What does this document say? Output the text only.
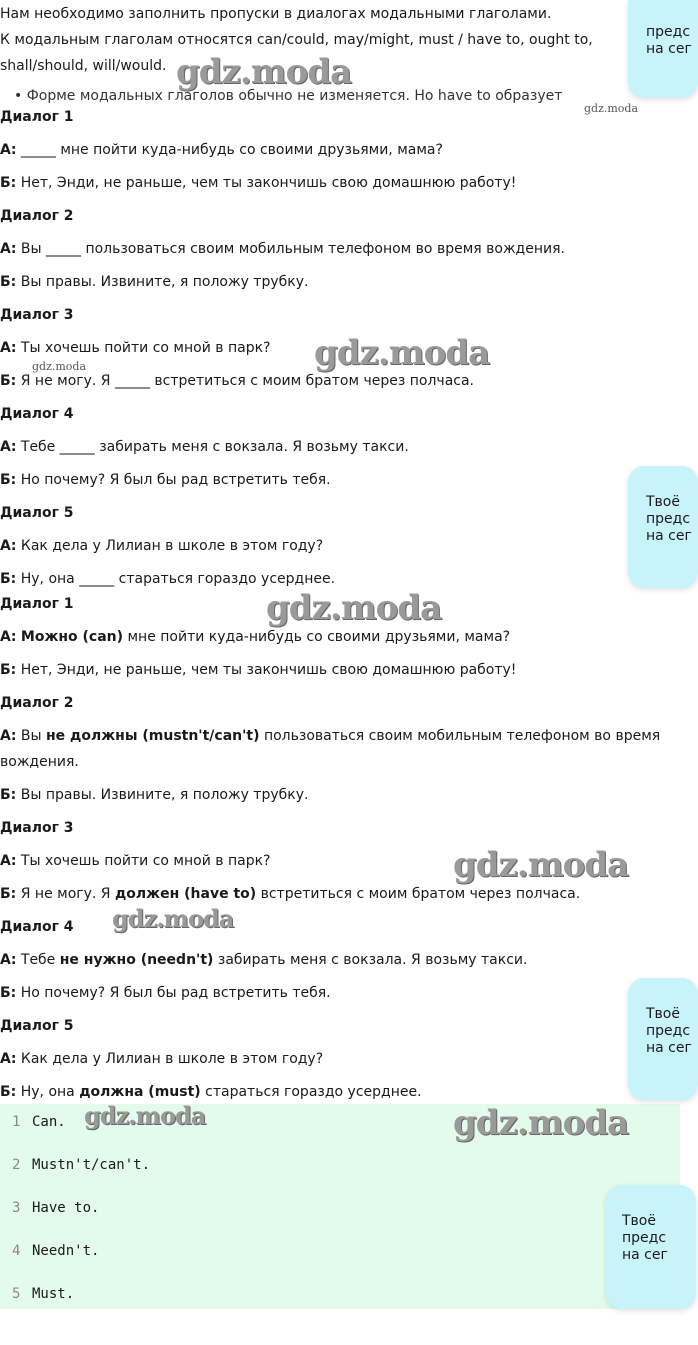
Нам необходимо заполнить пропуски в диалогах модальными глаголами.
К модальным глаголам относятся can/could, may/might, must / have to, ought to,
shall/should, will/would.
• Форме модальных глаголов обычно не изменяется. Но have to образует
Диалог 1
А: _____ мне пойти куда-нибудь со своими друзьями, мама?
Б: Нет, Энди, не раньше, чем ты закончишь свою домашнюю работу!
Диалог 2
А: Вы _____ пользоваться своим мобильным телефоном во время вождения.
Б: Вы правы. Извините, я положу трубку.
Диалог 3
А: Ты хочешь пойти со мной в парк?
Б: Я не могу. Я _____ встретиться с моим братом через полчаса.
Диалог 4
А: Тебе _____ забирать меня с вокзала. Я возьму такси.
Б: Но почему? Я был бы рад встретить тебя.
Диалог 5
А: Как дела у Лилиан в школе в этом году?
Б: Ну, она _____ стараться гораздо усерднее.
Диалог 1
А: Можно (can) мне пойти куда-нибудь со своими друзьями, мама?
Б: Нет, Энди, не раньше, чем ты закончишь свою домашнюю работу!
Диалог 2
А: Вы не должны (mustn't/can't) пользоваться своим мобильным телефоном во время
вождения.
Б: Вы правы. Извините, я положу трубку.
Диалог 3
А: Ты хочешь пойти со мной в парк?
Б: Я не могу. Я должен (have to) встретиться с моим братом через полчаса.
Диалог 4
А: Тебе не нужно (needn't) забирать меня с вокзала. Я возьму такси.
Б: Но почему? Я был бы рад встретить тебя.
Диалог 5
А: Как дела у Лилиан в школе в этом году?
Б: Ну, она должна (must) стараться гораздо усерднее.
1 Can.
2 Mustn't/can't.
3 Have to.
4 Needn't.
5 Must.
gdz.moda
gdz.moda
gdz.moda
gdz.moda
gdz.moda
gdz.moda
gdz.moda
gdz.moda	gdz.moda
предс
на сег
Твоё
предс
на сег
Твоё
предс
на сег
Твоё
предс
на сег
